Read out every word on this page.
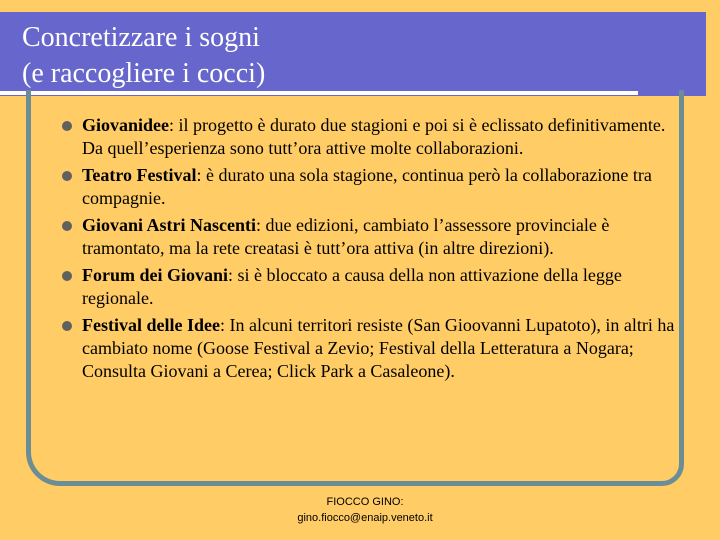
Concretizzare i sogni
(e raccogliere i cocci)
Giovanidee: il progetto è durato due stagioni e poi si è eclissato definitivamente. Da quell’esperienza sono tutt’ora attive molte collaborazioni.
Teatro Festival: è durato una sola stagione, continua però la collaborazione tra compagnie.
Giovani Astri Nascenti: due edizioni, cambiato l’assessore provinciale è tramontato, ma la rete creatasi è tutt’ora attiva (in altre direzioni).
Forum dei Giovani: si è bloccato a causa della non attivazione della legge regionale.
Festival delle Idee: In alcuni territori resiste (San Gioovanni Lupatoto), in altri ha cambiato nome (Goose Festival a Zevio; Festival della Letteratura a Nogara; Consulta Giovani a Cerea; Click Park a Casaleone).
FIOCCO GINO:
gino.fiocco@enaip.veneto.it
